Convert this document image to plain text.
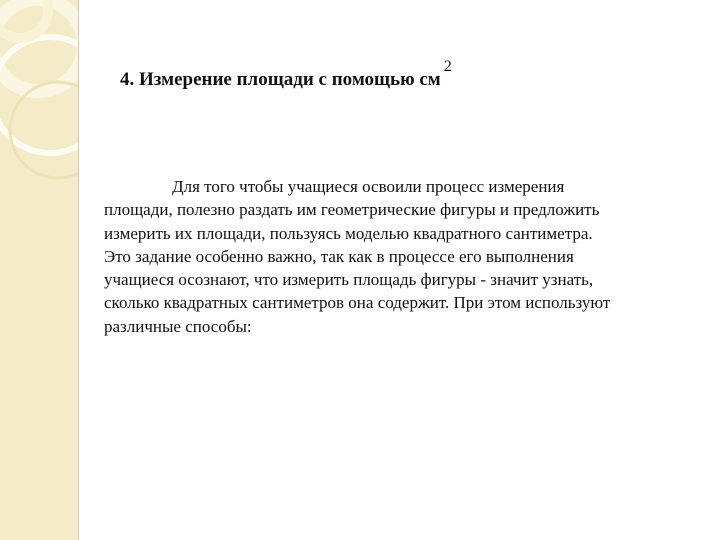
4. Измерение площади с помощью $см^2$
Для того чтобы учащиеся освоили процесс измерения
площади, полезно раздать им геометрические фигуры и предложить
измерить их площади, пользуясь моделью квадратного сантиметра.
Это задание особенно важно, так как в процессе его выполнения
учащиеся осознают, что измерить площадь фигуры - значит узнать,
сколько квадратных сантиметров она содержит. При этом используют
различные способы:
